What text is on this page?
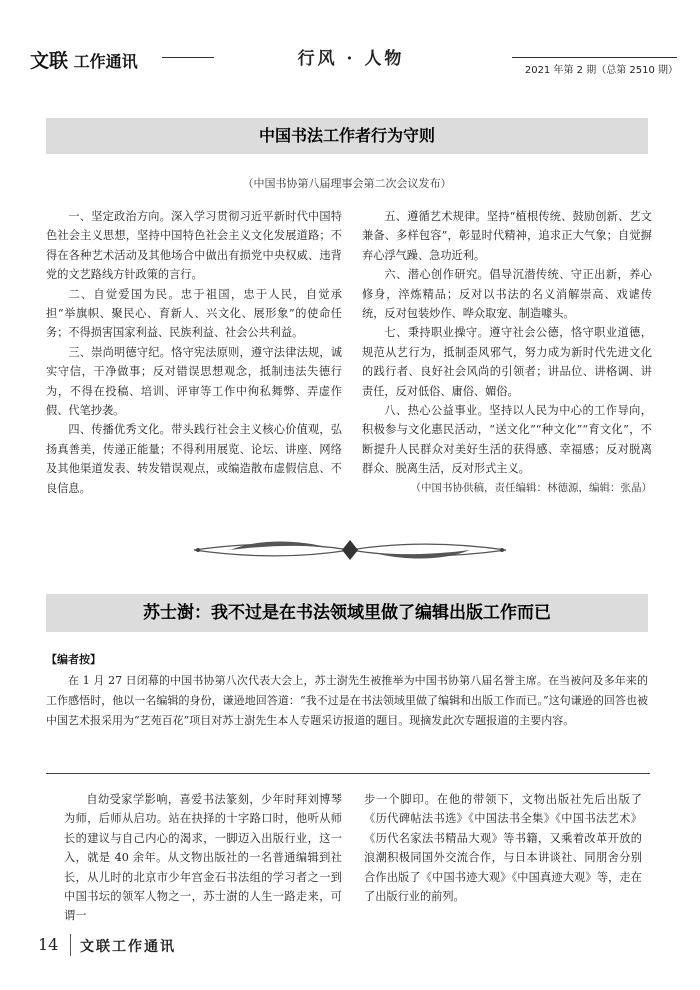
文联 工作通讯	行风 · 人物
2021 年第 2 期（总第 2510 期）
中国书法工作者行为守则
（中国书协第八届理事会第二次会议发布）

一、坚定政治方向。深入学习贯彻习近平新时代中国特色社会主义思想，坚持中国特色社会主义文化发展道路；不得在各种艺术活动及其他场合中做出有损党中央权威、违背党的文艺路线方针政策的言行。

二、自觉爱国为民。忠于祖国，忠于人民，自觉承担“举旗帜、聚民心、育新人、兴文化、展形象”的使命任务；不得损害国家利益、民族利益、社会公共利益。

三、崇尚明德守纪。恪守宪法原则，遵守法律法规，诚实守信，干净做事；反对错误思想观念，抵制违法失德行为，不得在投稿、培训、评审等工作中徇私舞弊、弄虚作假、代笔抄袭。

四、传播优秀文化。带头践行社会主义核心价值观，弘扬真善美，传递正能量；不得利用展览、论坛、讲座、网络及其他渠道发表、转发错误观点，或编造散布虚假信息、不良信息。

五、遵循艺术规律。坚持“植根传统、鼓励创新、艺文兼备、多样包容”，彰显时代精神，追求正大气象；自觉摒弃心浮气躁、急功近利。

六、潜心创作研究。倡导沉潜传统、守正出新，养心修身，淬炼精品；反对以书法的名义消解崇高、戏谑传统，反对包装炒作、哗众取宠、制造噱头。

七、秉持职业操守。遵守社会公德，恪守职业道德，规范从艺行为，抵制歪风邪气，努力成为新时代先进文化的践行者、良好社会风尚的引领者；讲品位、讲格调、讲责任，反对低俗、庸俗、媚俗。

八、热心公益事业。坚持以人民为中心的工作导向，积极参与文化惠民活动，“送文化”“种文化”“育文化”，不断提升人民群众对美好生活的获得感、幸福感；反对脱离群众、脱离生活，反对形式主义。

（中国书协供稿，责任编辑：林德源，编辑：张晶）

苏士澍：我不过是在书法领域里做了编辑出版工作而已
【编者按】

在 1 月 27 日闭幕的中国书协第八次代表大会上，苏士澍先生被推举为中国书协第八届名誉主席。在当被问及多年来的工作感悟时，他以一名编辑的身份，谦逊地回答道：“我不过是在书法领域里做了编辑和出版工作而已。”这句谦逊的回答也被中国艺术报采用为“艺苑百花”项目对苏士澍先生本人专题采访报道的题目。现摘发此次专题报道的主要内容。

自幼受家学影响，喜爱书法篆刻，少年时拜刘博琴为师，后师从启功。站在抉择的十字路口时，他听从师长的建议与自己内心的渴求，一脚迈入出版行业，这一入，就是 40 余年。从文物出版社的一名普通编辑到社长，从儿时的北京市少年宫金石书法组的学习者之一到中国书坛的领军人物之一，苏士澍的人生一路走来，可谓一

步一个脚印。在他的带领下，文物出版社先后出版了《历代碑帖法书选》《中国法书全集》《中国书法艺术》《历代名家法书精品大观》等书籍，又乘着改革开放的浪潮积极同国外交流合作，与日本讲谈社、同朋舍分别合作出版了《中国书迹大观》《中国真迹大观》等，走在了出版行业的前列。

14 文联工作通讯
